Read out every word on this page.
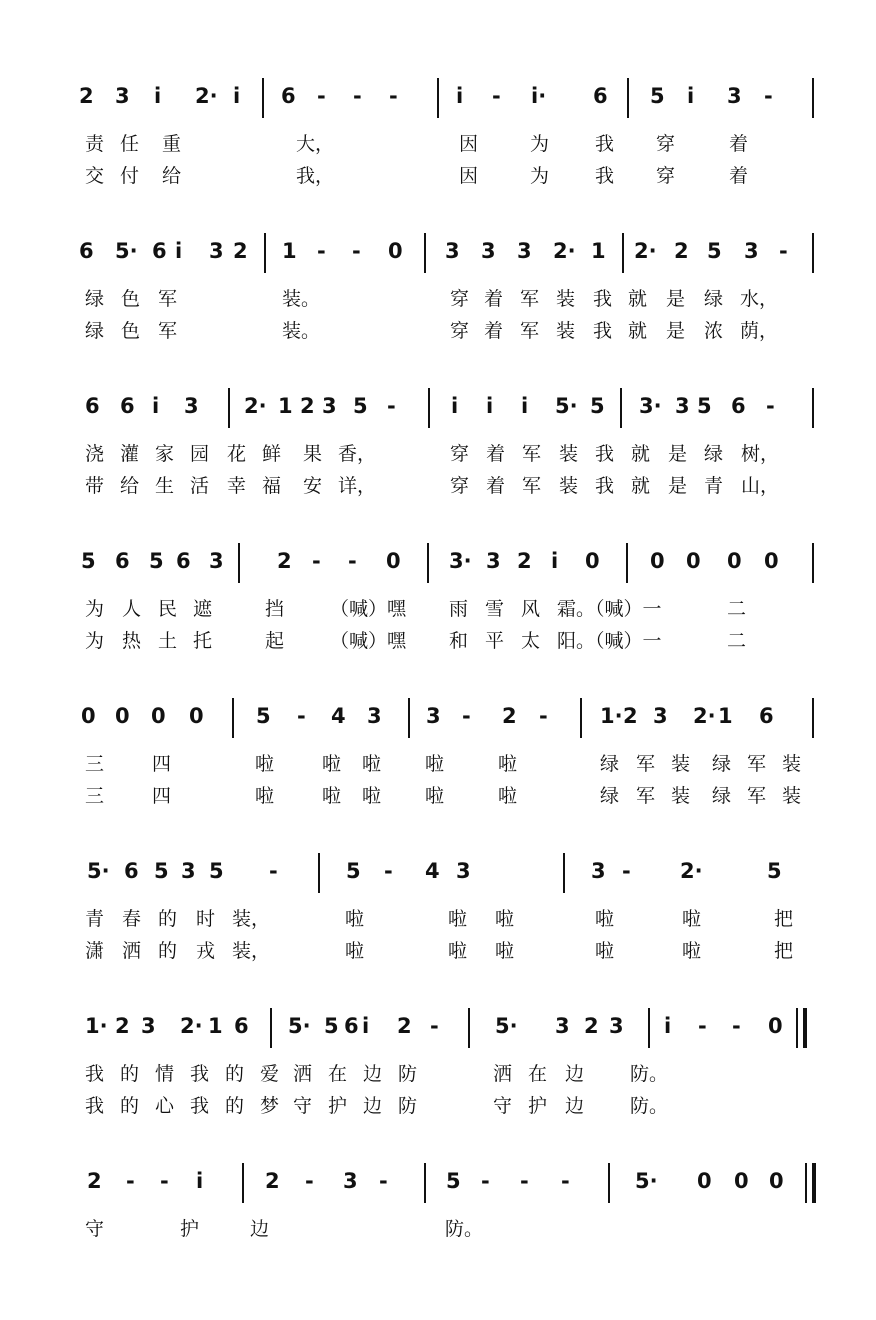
2 3 i 2· i 6 - - -	i - i· 6 5 i 3 -
责 任 重	大，	因	为 我 穿	着
交 付 给	我，	因	为 我 穿	着
6 5· 6 i 3 2 1 - - 0 3 3 3 2· 1 2· 2 5 3 -
绿 色 军	装。	穿 着 军 装 我 就 是 绿 水，
绿 色 军	装。	穿 着 军 装 我 就 是 浓 荫，
6 6 i 3 2· 1 2 3 5 -	i i i 5· 5 3· 3 5 6 -
浇 灌 家 园 花 鲜 果 香，	穿 着 军 装 我 就 是 绿 树，
带 给 生 活 幸 福 安 详，	穿 着 军 装 我 就 是 青 山，
5 6 5 6 3	2 - - 0 3· 3 2 i 0 0 0 0 0
为 人 民 遮	挡 （喊）嘿 雨 雪 风 霜。（喊）一	二
为 热 土 托	起 （喊）嘿 和 平 太 阳。（喊）一	二
0 0 0 0 5 - 4 3 3 - 2 - 1· 2 3 2· 1 6
三	四	啦	啦 啦 啦	啦	绿 军 装 绿 军 装
三	四	啦	啦 啦 啦	啦	绿 军 装 绿 军 装
5· 6 5 3 5 -	5 - 4 3	3 - 2·	5
青 春 的 时 装，	啦	啦 啦	啦	啦	把
潇 洒 的 戎 装，	啦	啦 啦	啦	啦	把
1· 2 3 2· 1 6 5· 5 6 i 2 -	5· 3 2 3 i - - 0
我 的 情 我 的 爱 洒 在 边 防	洒 在 边 防。
我 的 心 我 的 梦 守 护 边 防	守 护 边 防。
2 - - i	2 - 3 -	5 - - -	5· 0 0 0
守	护	边	防。
